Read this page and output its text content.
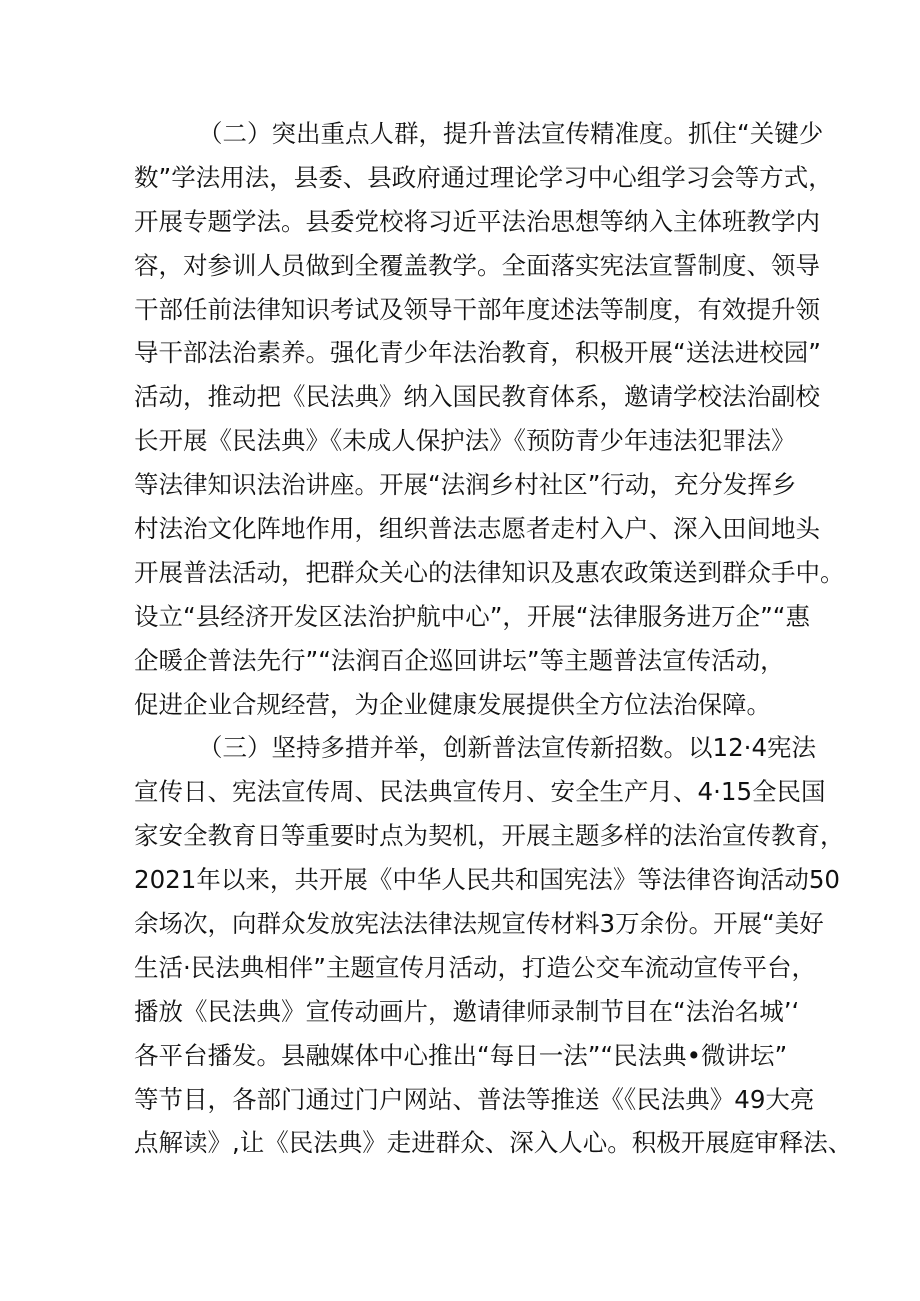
（二）突出重点人群，提升普法宣传精准度。抓住“关键少
数”学法用法，县委、县政府通过理论学习中心组学习会等方式，
开展专题学法。县委党校将习近平法治思想等纳入主体班教学内
容，对参训人员做到全覆盖教学。全面落实宪法宣誓制度、领导
干部任前法律知识考试及领导干部年度述法等制度，有效提升领
导干部法治素养。强化青少年法治教育，积极开展“送法进校园”
活动，推动把《民法典》纳入国民教育体系，邀请学校法治副校
长开展《民法典》《未成人保护法》《预防青少年违法犯罪法》
等法律知识法治讲座。开展“法润乡村社区”行动，充分发挥乡
村法治文化阵地作用，组织普法志愿者走村入户、深入田间地头
开展普法活动，把群众关心的法律知识及惠农政策送到群众手中。
设立“县经济开发区法治护航中心”，开展“法律服务进万企”“惠
企暖企普法先行”“法润百企巡回讲坛”等主题普法宣传活动，
促进企业合规经营，为企业健康发展提供全方位法治保障。
（三）坚持多措并举，创新普法宣传新招数。以12·4宪法
宣传日、宪法宣传周、民法典宣传月、安全生产月、4·15全民国
家安全教育日等重要时点为契机，开展主题多样的法治宣传教育，
2021年以来，共开展《中华人民共和国宪法》等法律咨询活动50
余场次，向群众发放宪法法律法规宣传材料3万余份。开展“美好
生活·民法典相伴”主题宣传月活动，打造公交车流动宣传平台，
播放《民法典》宣传动画片，邀请律师录制节目在“法治名城’‘
各平台播发。县融媒体中心推出“每日一法”“民法典•微讲坛”
等节目，各部门通过门户网站、普法等推送《《民法典》49大亮
点解读》,让《民法典》走进群众、深入人心。积极开展庭审释法、
